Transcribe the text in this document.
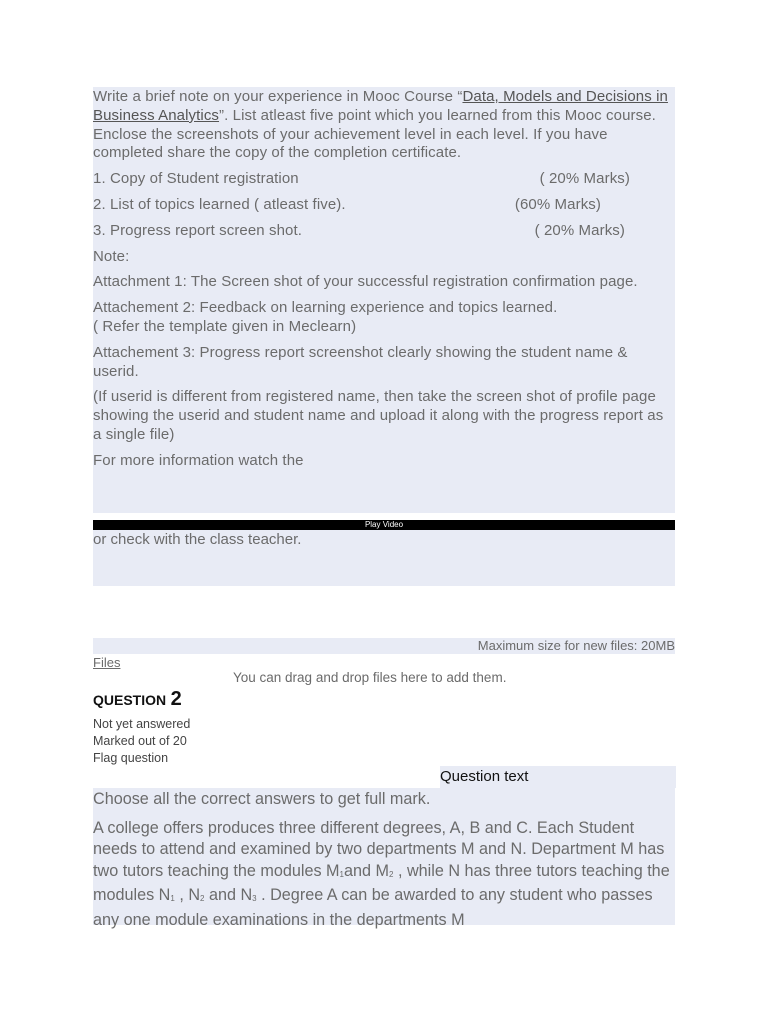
Write a brief note on your experience in Mooc Course “Data, Models and Decisions in Business Analytics”. List atleast five point which you learned from this Mooc course. Enclose the screenshots of your achievement level in each level. If you have completed share the copy of the completion certificate.

1. Copy of Student registration	( 20% Marks)
2. List of topics learned ( atleast five).	(60% Marks)
3. Progress report screen shot.	( 20% Marks)

Note:

Attachment 1: The Screen shot of your successful registration confirmation page.

Attachement 2: Feedback on learning experience and topics learned.
( Refer the template given in Meclearn)

Attachement 3: Progress report screenshot clearly showing the student name & userid.

(If userid is different from registered name, then take the screen shot of profile page showing the userid and student name and upload it along with the progress report as a single file)

For more information watch the

Play Video
or check with the class teacher.
Maximum size for new files: 20MB
Files
You can drag and drop files here to add them.
QUESTION 2
Not yet answered
Marked out of 20
Flag question
Question text

Choose all the correct answers to get full mark.

A college offers produces three different degrees, A, B and C. Each Student needs to attend and examined by two departments M and N. Department M has two tutors teaching the modules $M_1and$ $M_2$ , while N has three tutors teaching the modules $N_1$ , $N_2$ and $N_3$ . Degree A can be awarded to any student who passes any one module examinations in the departments M
